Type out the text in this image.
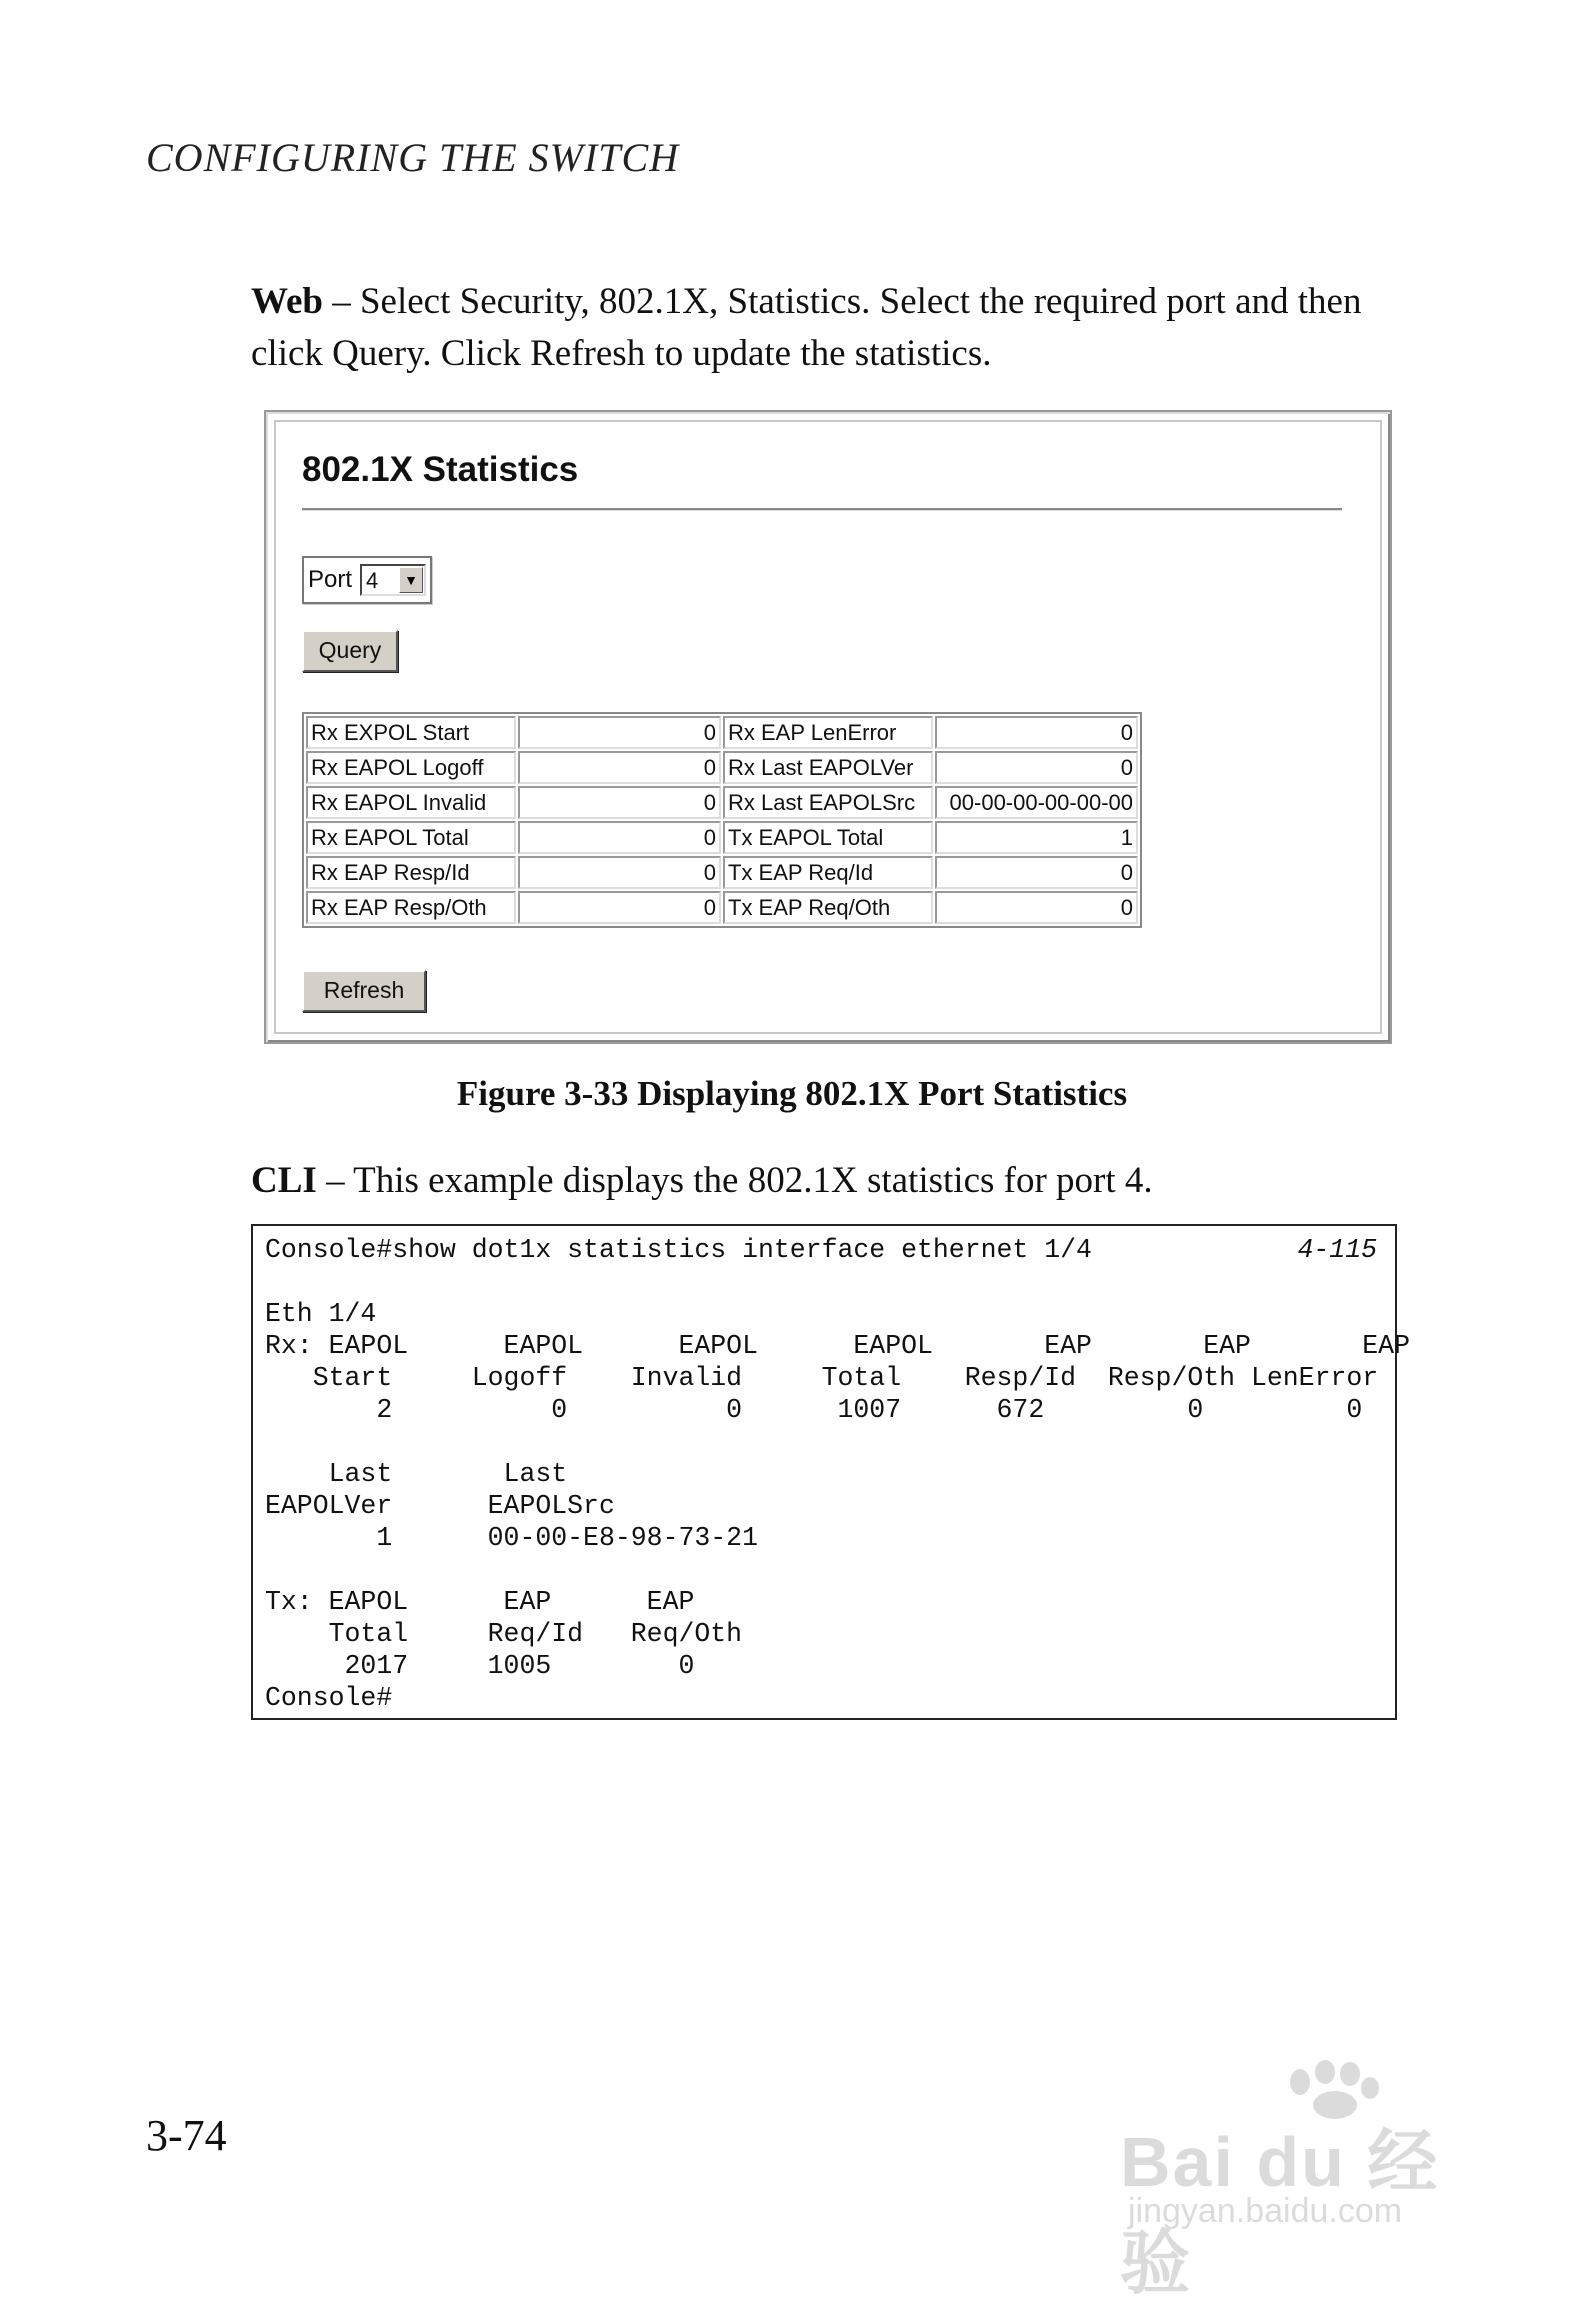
CONFIGURING THE SWITCH
Web – Select Security, 802.1X, Statistics. Select the required port and then click Query. Click Refresh to update the statistics.
802.1X Statistics
Port 4	▼
Query
Rx EXPOL Start	0	Rx EAP LenError	0
Rx EAPOL Logoff	0	Rx Last EAPOLVer	0
Rx EAPOL Invalid	0	Rx Last EAPOLSrc	00-00-00-00-00-00
Rx EAPOL Total	0	Tx EAPOL Total	1
Rx EAP Resp/Id	0	Tx EAP Req/Id	0
Rx EAP Resp/Oth	0	Tx EAP Req/Oth	0
Refresh
Figure 3-33 Displaying 802.1X Port Statistics
CLI – This example displays the 802.1X statistics for port 4.
Console#show dot1x statistics interface ethernet 1/4

Eth 1/4
Rx: EAPOL      EAPOL      EAPOL      EAPOL       EAP       EAP       EAP
Start     Logoff    Invalid     Total    Resp/Id  Resp/Oth LenError
2          0          0      1007      672         0         0

Last       Last
EAPOLVer      EAPOLSrc
1      00-00-E8-98-73-21

Tx: EAPOL      EAP      EAP
Total     Req/Id   Req/Oth
2017     1005        0
Console#
4-115
3-74	Bai du 经验
jingyan.baidu.com
